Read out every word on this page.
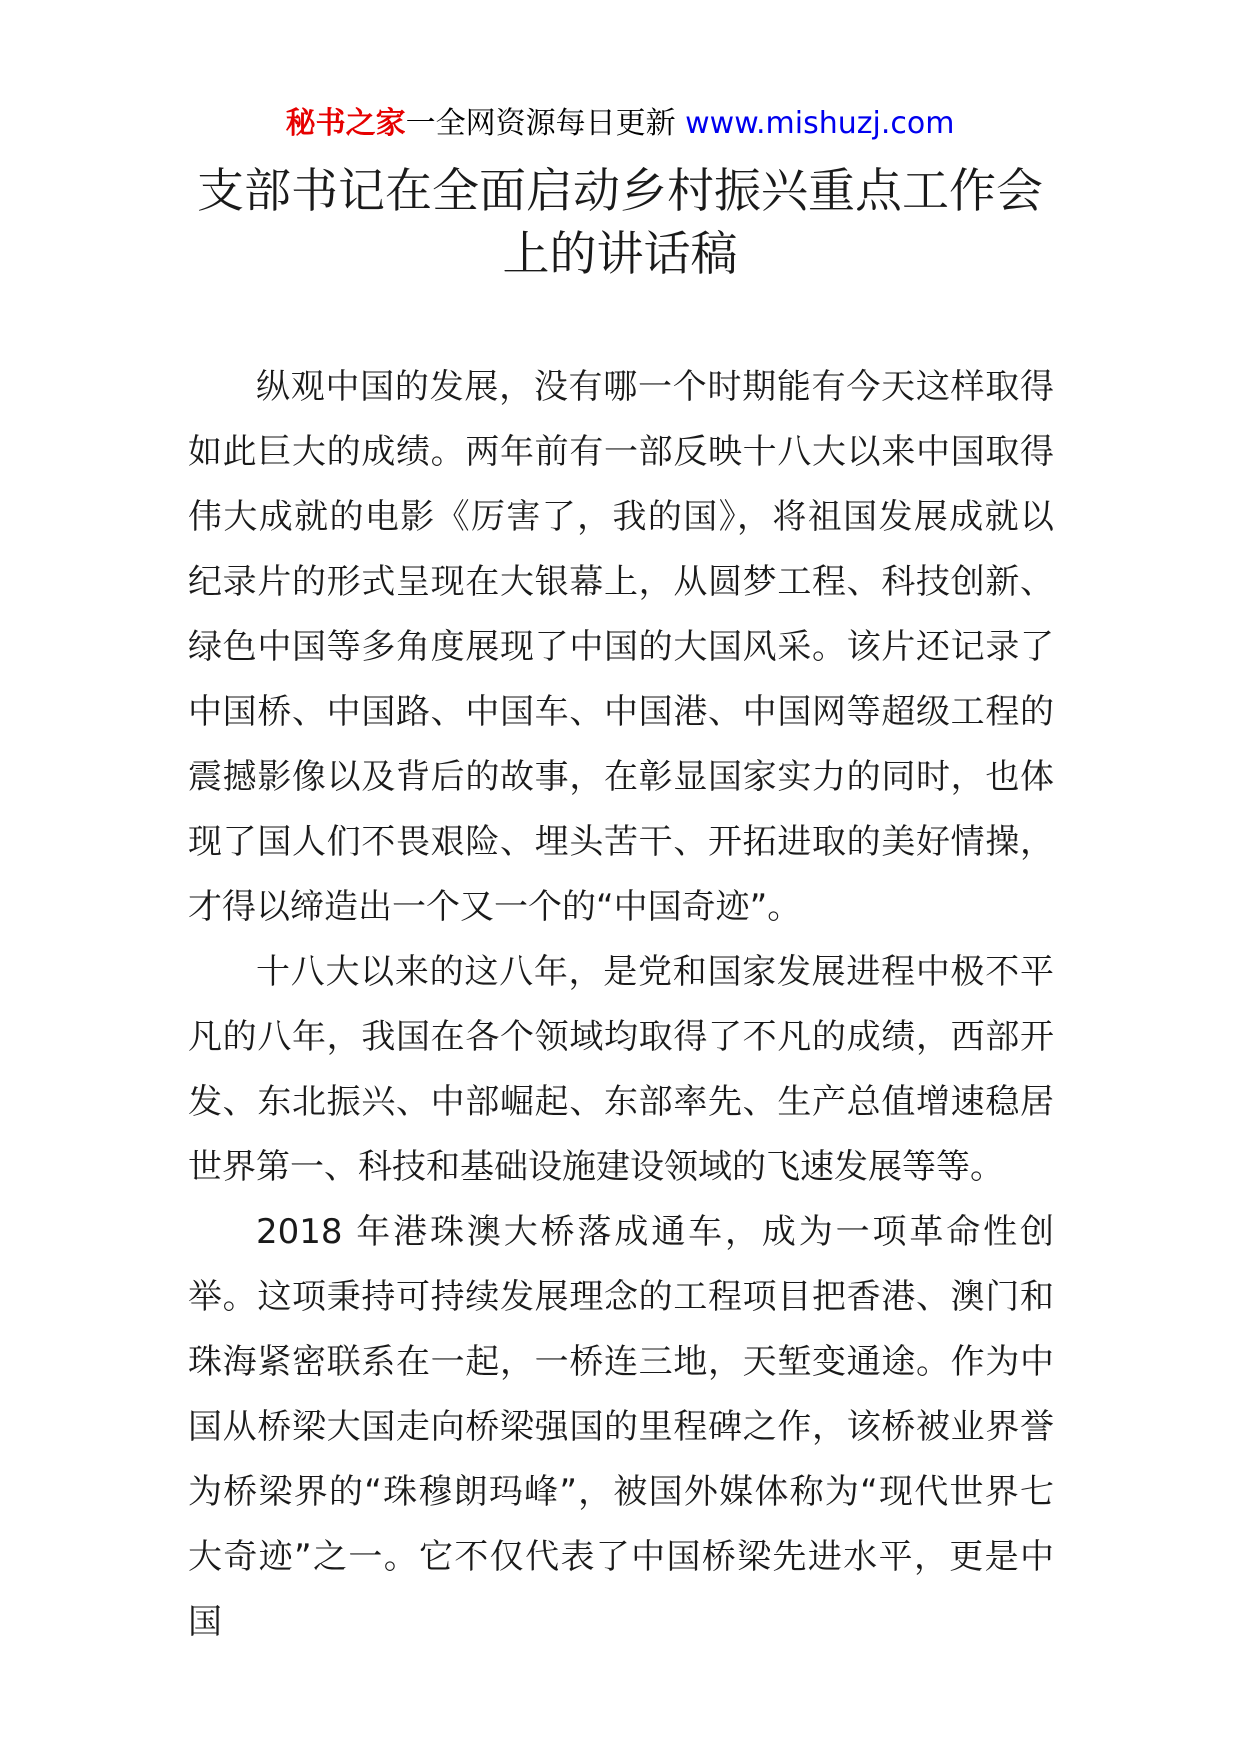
秘书之家一全网资源每日更新 www.mishuzj.com
支部书记在全面启动乡村振兴重点工作会上的讲话稿

纵观中国的发展，没有哪一个时期能有今天这样取得如此巨大的成绩。两年前有一部反映十八大以来中国取得伟大成就的电影《厉害了，我的国》，将祖国发展成就以纪录片的形式呈现在大银幕上，从圆梦工程、科技创新、绿色中国等多角度展现了中国的大国风采。该片还记录了中国桥、中国路、中国车、中国港、中国网等超级工程的震撼影像以及背后的故事，在彰显国家实力的同时，也体现了国人们不畏艰险、埋头苦干、开拓进取的美好情操，才得以缔造出一个又一个的“中国奇迹”。

十八大以来的这八年，是党和国家发展进程中极不平凡的八年，我国在各个领域均取得了不凡的成绩，西部开发、东北振兴、中部崛起、东部率先、生产总值增速稳居世界第一、科技和基础设施建设领域的飞速发展等等。

2018 年港珠澳大桥落成通车，成为一项革命性创举。这项秉持可持续发展理念的工程项目把香港、澳门和珠海紧密联系在一起，一桥连三地，天堑变通途。作为中国从桥梁大国走向桥梁强国的里程碑之作，该桥被业界誉为桥梁界的“珠穆朗玛峰”，被国外媒体称为“现代世界七大奇迹”之一。它不仅代表了中国桥梁先进水平，更是中国
